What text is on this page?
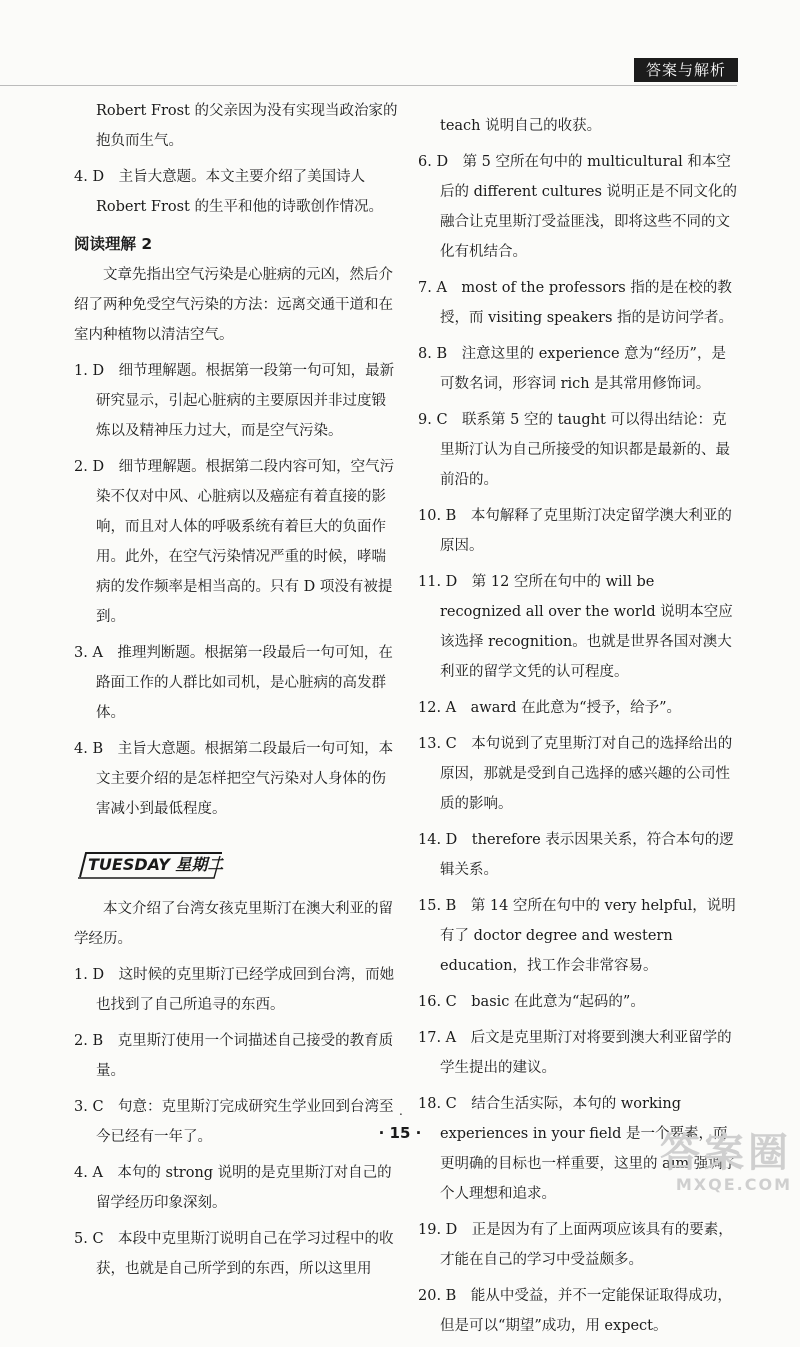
答案与解析

Robert Frost 的父亲因为没有实现当政治家的抱负而生气。

4. D　主旨大意题。本文主要介绍了美国诗人 Robert Frost 的生平和他的诗歌创作情况。

阅读理解 2

文章先指出空气污染是心脏病的元凶，然后介绍了两种免受空气污染的方法：远离交通干道和在室内种植物以清洁空气。

1. D　细节理解题。根据第一段第一句可知，最新研究显示，引起心脏病的主要原因并非过度锻炼以及精神压力过大，而是空气污染。

2. D　细节理解题。根据第二段内容可知，空气污染不仅对中风、心脏病以及癌症有着直接的影响，而且对人体的呼吸系统有着巨大的负面作用。此外，在空气污染情况严重的时候，哮喘病的发作频率是相当高的。只有 D 项没有被提到。

3. A　推理判断题。根据第一段最后一句可知，在路面工作的人群比如司机，是心脏病的高发群体。

4. B　主旨大意题。根据第二段最后一句可知，本文主要介绍的是怎样把空气污染对人身体的伤害减小到最低程度。

TUESDAY 星期二

本文介绍了台湾女孩克里斯汀在澳大利亚的留学经历。

1. D　这时候的克里斯汀已经学成回到台湾，而她也找到了自己所追寻的东西。

2. B　克里斯汀使用一个词描述自己接受的教育质量。

3. C　句意：克里斯汀完成研究生学业回到台湾至今已经有一年了。

4. A　本句的 strong 说明的是克里斯汀对自己的留学经历印象深刻。

5. C　本段中克里斯汀说明自己在学习过程中的收获，也就是自己所学到的东西，所以这里用

teach 说明自己的收获。

6. D　第 5 空所在句中的 multicultural 和本空后的 different cultures 说明正是不同文化的融合让克里斯汀受益匪浅，即将这些不同的文化有机结合。

7. A　most of the professors 指的是在校的教授，而 visiting speakers 指的是访问学者。

8. B　注意这里的 experience 意为“经历”，是可数名词，形容词 rich 是其常用修饰词。

9. C　联系第 5 空的 taught 可以得出结论：克里斯汀认为自己所接受的知识都是最新的、最前沿的。

10. B　本句解释了克里斯汀决定留学澳大利亚的原因。

11. D　第 12 空所在句中的 will be recognized all over the world 说明本空应该选择 recognition。也就是世界各国对澳大利亚的留学文凭的认可程度。

12. A　award 在此意为“授予，给予”。

13. C　本句说到了克里斯汀对自己的选择给出的原因，那就是受到自己选择的感兴趣的公司性质的影响。

14. D　therefore 表示因果关系，符合本句的逻辑关系。

15. B　第 14 空所在句中的 very helpful，说明有了 doctor degree and western education，找工作会非常容易。

16. C　basic 在此意为“起码的”。

17. A　后文是克里斯汀对将要到澳大利亚留学的学生提出的建议。

18. C　结合生活实际，本句的 working experiences in your field 是一个要素，而更明确的目标也一样重要，这里的 aim 强调了个人理想和追求。

19. D　正是因为有了上面两项应该具有的要素，才能在自己的学习中受益颇多。

20. B　能从中受益，并不一定能保证取得成功，但是可以“期望”成功，用 expect。

.
· 15 ·	答案圈
MXQE.COM
